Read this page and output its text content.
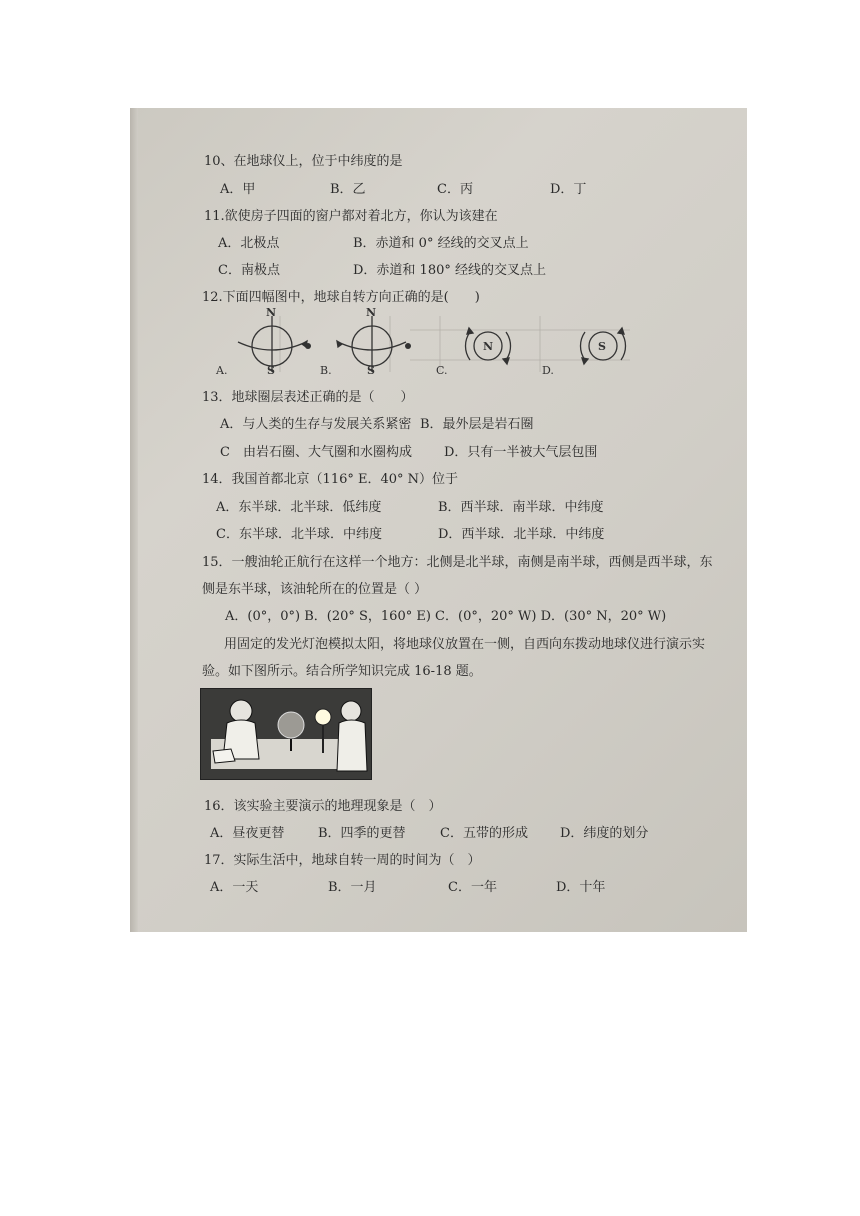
10、在地球仪上，位于中纬度的是
A．甲	B．乙	C．丙	D．丁
11.欲使房子四面的窗户都对着北方，你认为该建在
A．北极点	B．赤道和 0° 经线的交叉点上
C．南极点	D．赤道和 180° 经线的交叉点上
12.下面四幅图中，地球自转方向正确的是(　　)
N
S
N
S
N	S
A.	B.	C.	D.
13．地球圈层表述正确的是（　　）
A．与人类的生存与发展关系紧密 B．最外层是岩石圈
C　由岩石圈、大气圈和水圈构成 D．只有一半被大气层包围
14．我国首都北京（116° E．40° N）位于
A．东半球．北半球．低纬度	B．西半球．南半球．中纬度
C．东半球．北半球．中纬度	D．西半球．北半球．中纬度
15．一艘油轮正航行在这样一个地方：北侧是北半球，南侧是南半球，西侧是西半球，东
侧是东半球，该油轮所在的位置是（ ）
A．(0°，0°) B．(20° S，160° E) C．(0°，20° W) D．(30° N，20° W)
用固定的发光灯泡模拟太阳，将地球仪放置在一侧，自西向东拨动地球仪进行演示实
验。如下图所示。结合所学知识完成 16-18 题。
16．该实验主要演示的地理现象是（　）
A．昼夜更替	B．四季的更替	C．五带的形成 D．纬度的划分
17．实际生活中，地球自转一周的时间为（　）
A．一天	B．一月	C．一年	D．十年
